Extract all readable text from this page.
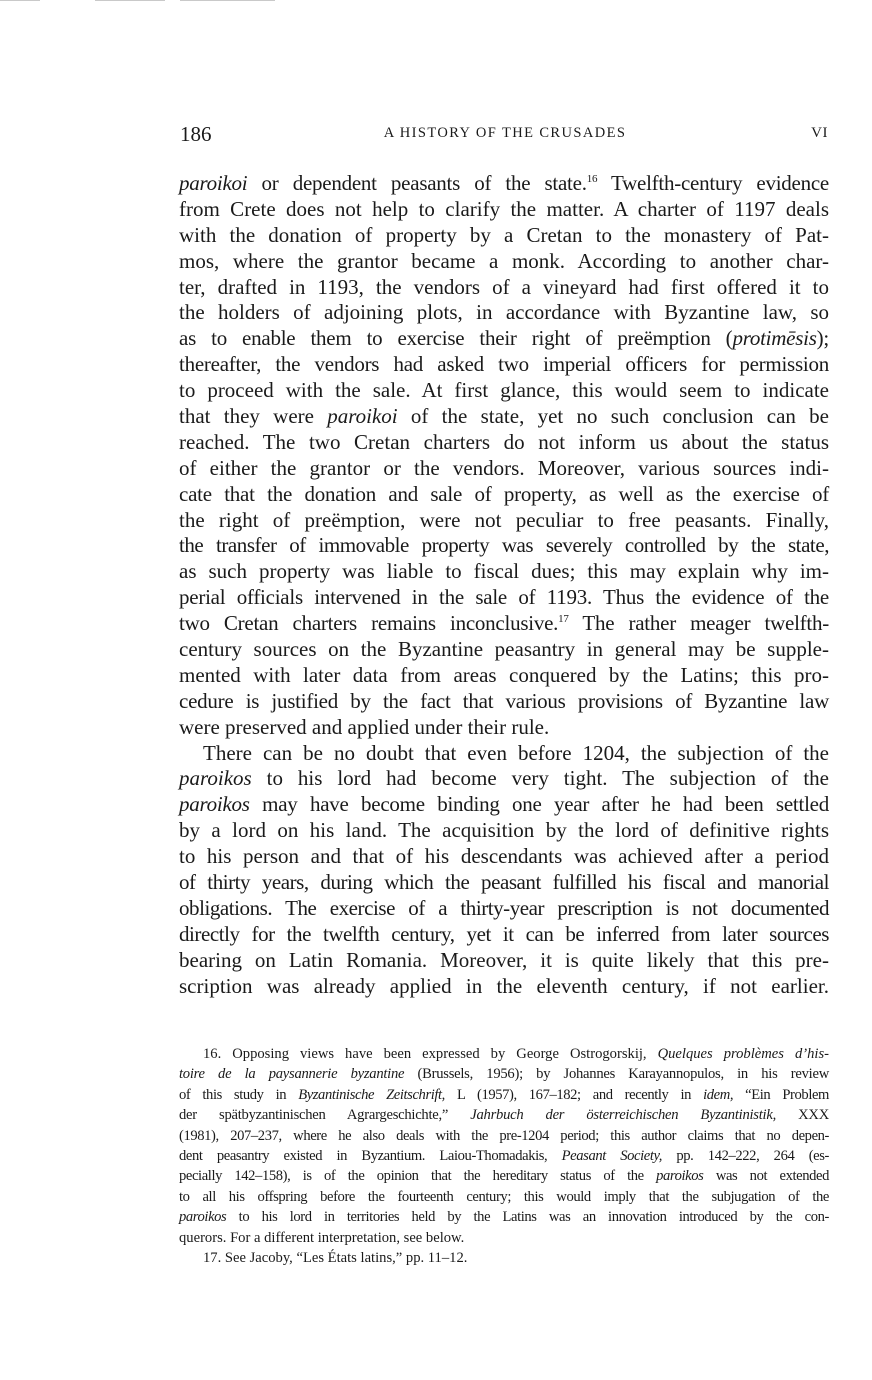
186	A HISTORY OF THE CRUSADES	VI
paroikoi or dependent peasants of the state.$^{16}$ Twelfth-century evidence
from Crete does not help to clarify the matter. A charter of 1197 deals
with the donation of property by a Cretan to the monastery of Pat-
mos, where the grantor became a monk. According to another char-
ter, drafted in 1193, the vendors of a vineyard had first offered it to
the holders of adjoining plots, in accordance with Byzantine law, so
as to enable them to exercise their right of preëmption (protimēsis);
thereafter, the vendors had asked two imperial officers for permission
to proceed with the sale. At first glance, this would seem to indicate
that they were paroikoi of the state, yet no such conclusion can be
reached. The two Cretan charters do not inform us about the status
of either the grantor or the vendors. Moreover, various sources indi-
cate that the donation and sale of property, as well as the exercise of
the right of preëmption, were not peculiar to free peasants. Finally,
the transfer of immovable property was severely controlled by the state,
as such property was liable to fiscal dues; this may explain why im-
perial officials intervened in the sale of 1193. Thus the evidence of the
two Cretan charters remains inconclusive.$^{17}$ The rather meager twelfth-
century sources on the Byzantine peasantry in general may be supple-
mented with later data from areas conquered by the Latins; this pro-
cedure is justified by the fact that various provisions of Byzantine law
were preserved and applied under their rule.
There can be no doubt that even before 1204, the subjection of the
paroikos to his lord had become very tight. The subjection of the
paroikos may have become binding one year after he had been settled
by a lord on his land. The acquisition by the lord of definitive rights
to his person and that of his descendants was achieved after a period
of thirty years, during which the peasant fulfilled his fiscal and manorial
obligations. The exercise of a thirty-year prescription is not documented
directly for the twelfth century, yet it can be inferred from later sources
bearing on Latin Romania. Moreover, it is quite likely that this pre-
scription was already applied in the eleventh century, if not earlier.
16. Opposing views have been expressed by George Ostrogorskij, Quelques problèmes d’his-
toire de la paysannerie byzantine (Brussels, 1956); by Johannes Karayannopulos, in his review
of this study in Byzantinische Zeitschrift, L (1957), 167–182; and recently in idem, “Ein Problem
der spätbyzantinischen Agrargeschichte,” Jahrbuch der österreichischen Byzantinistik, XXX
(1981), 207–237, where he also deals with the pre-1204 period; this author claims that no depen-
dent peasantry existed in Byzantium. Laiou-Thomadakis, Peasant Society, pp. 142–222, 264 (es-
pecially 142–158), is of the opinion that the hereditary status of the paroikos was not extended
to all his offspring before the fourteenth century; this would imply that the subjugation of the
paroikos to his lord in territories held by the Latins was an innovation introduced by the con-
querors. For a different interpretation, see below.
17. See Jacoby, “Les États latins,” pp. 11–12.
